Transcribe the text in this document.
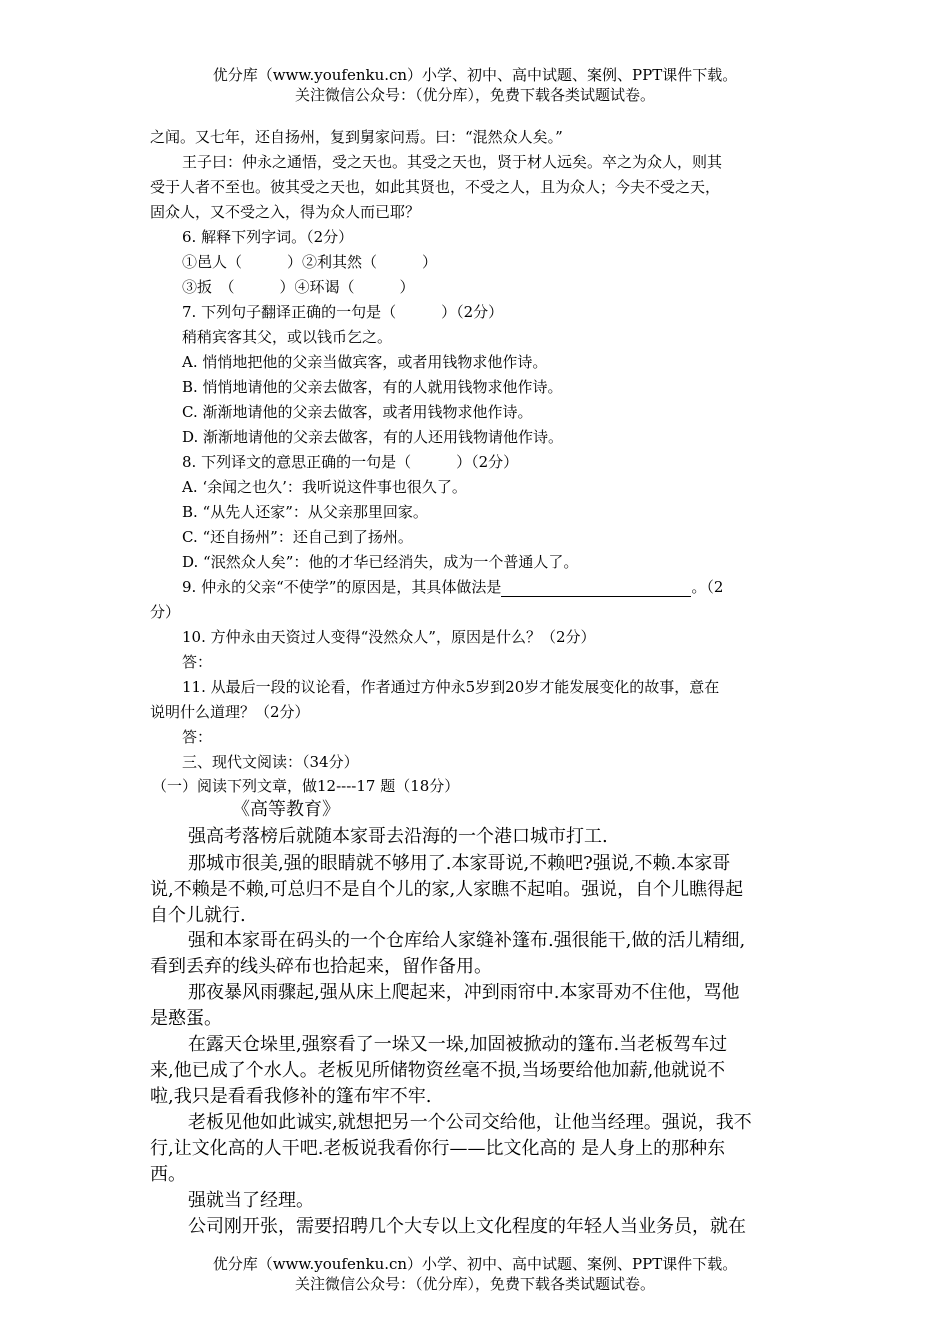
优分库（www.youfenku.cn）小学、初中、高中试题、案例、PPT课件下载。
关注微信公众号：（优分库），免费下载各类试题试卷。
之闻。又七年，还自扬州，复到舅家问焉。曰：“混然众人矣。”
王子曰：仲永之通悟，受之天也。其受之天也，贤于材人远矣。卒之为众人，则其
受于人者不至也。彼其受之天也，如此其贤也，不受之人，且为众人；今夫不受之天，
固众人，又不受之入，得为众人而已耶？
6. 解释下列字词。（2分）
①邑人（　　　）②利其然（　　　）
③扳　（　　　）④环谒（　　　）
7. 下列句子翻译正确的一句是（　　　）（2分）
稍稍宾客其父，或以钱币乞之。
A. 悄悄地把他的父亲当做宾客，或者用钱物求他作诗。
B. 悄悄地请他的父亲去做客，有的人就用钱物求他作诗。
C. 渐渐地请他的父亲去做客，或者用钱物求他作诗。
D. 渐渐地请他的父亲去做客，有的人还用钱物请他作诗。
8. 下列译文的意思正确的一句是（　　　）（2分）
A. ‘余闻之也久’：我听说这件事也很久了。
B. “从先人还家”：从父亲那里回家。
C. “还自扬州”：还自己到了扬州。
D. “泯然众人矣”：他的才华已经消失，成为一个普通人了。
9. 仲永的父亲“不使学”的原因是，其具体做法是	。（2
分）
10. 方仲永由天资过人变得“没然众人”，原因是什么？（2分）
答：
11. 从最后一段的议论看，作者通过方仲永5岁到20岁才能发展变化的故事，意在
说明什么道理？（2分）
答：
三、现代文阅读：（34分）
（一）阅读下列文章，做12----17 题（18分）
《高等教育》
强高考落榜后就随本家哥去沿海的一个港口城市打工.
那城市很美,强的眼睛就不够用了.本家哥说,不赖吧?强说,不赖.本家哥
说,不赖是不赖,可总归不是自个儿的家,人家瞧不起咱。强说，自个儿瞧得起
自个儿就行.
强和本家哥在码头的一个仓库给人家缝补篷布.强很能干,做的活儿精细,
看到丢弃的线头碎布也拾起来，留作备用。
那夜暴风雨骤起,强从床上爬起来，冲到雨帘中.本家哥劝不住他，骂他
是憨蛋。
在露天仓垛里,强察看了一垛又一垛,加固被掀动的篷布.当老板驾车过
来,他已成了个水人。老板见所储物资丝毫不损,当场要给他加薪,他就说不
啦,我只是看看我修补的篷布牢不牢.
老板见他如此诚实,就想把另一个公司交给他，让他当经理。强说，我不
行,让文化高的人干吧.老板说我看你行——比文化高的 是人身上的那种东
西。
强就当了经理。
公司刚开张，需要招聘几个大专以上文化程度的年轻人当业务员，就在
优分库（www.youfenku.cn）小学、初中、高中试题、案例、PPT课件下载。
关注微信公众号：（优分库），免费下载各类试题试卷。
